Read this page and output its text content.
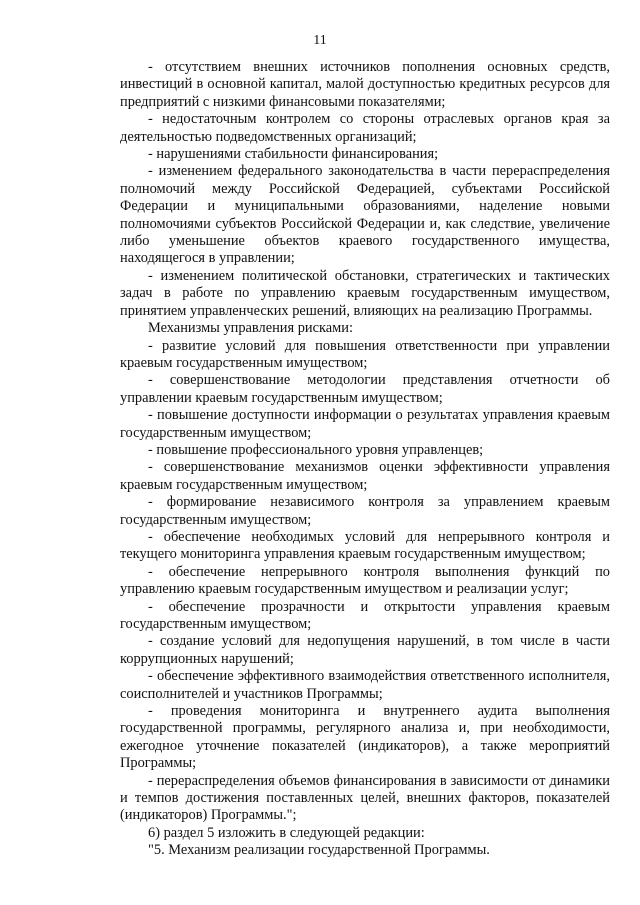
11

- отсутствием внешних источников пополнения основных средств, инвестиций в основной капитал, малой доступностью кредитных ресурсов для предприятий с низкими финансовыми показателями;

- недостаточным контролем со стороны отраслевых органов края за деятельностью подведомственных организаций;

- нарушениями стабильности финансирования;

- изменением федерального законодательства в части перераспределения полномочий между Российской Федерацией, субъектами Российской Федерации и муниципальными образованиями, наделение новыми полномочиями субъектов Российской Федерации и, как следствие, увеличение либо уменьшение объектов краевого государственного имущества, находящегося в управлении;

- изменением политической обстановки, стратегических и тактических задач в работе по управлению краевым государственным имуществом, принятием управленческих решений, влияющих на реализацию Программы.

Механизмы управления рисками:

- развитие условий для повышения ответственности при управлении краевым государственным имуществом;

- совершенствование методологии представления отчетности об управлении краевым государственным имуществом;

- повышение доступности информации о результатах управления краевым государственным имуществом;

- повышение профессионального уровня управленцев;

- совершенствование механизмов оценки эффективности управления краевым государственным имуществом;

- формирование независимого контроля за управлением краевым государственным имуществом;

- обеспечение необходимых условий для непрерывного контроля и текущего мониторинга управления краевым государственным имуществом;

- обеспечение непрерывного контроля выполнения функций по управлению краевым государственным имуществом и реализации услуг;

- обеспечение прозрачности и открытости управления краевым государственным имуществом;

- создание условий для недопущения нарушений, в том числе в части коррупционных нарушений;

- обеспечение эффективного взаимодействия ответственного исполнителя, соисполнителей и участников Программы;

- проведения мониторинга и внутреннего аудита выполнения государственной программы, регулярного анализа и, при необходимости, ежегодное уточнение показателей (индикаторов), а также мероприятий Программы;

- перераспределения объемов финансирования в зависимости от динамики и темпов достижения поставленных целей, внешних факторов, показателей (индикаторов) Программы.";

6) раздел 5 изложить в следующей редакции:

"5. Механизм реализации государственной Программы.
